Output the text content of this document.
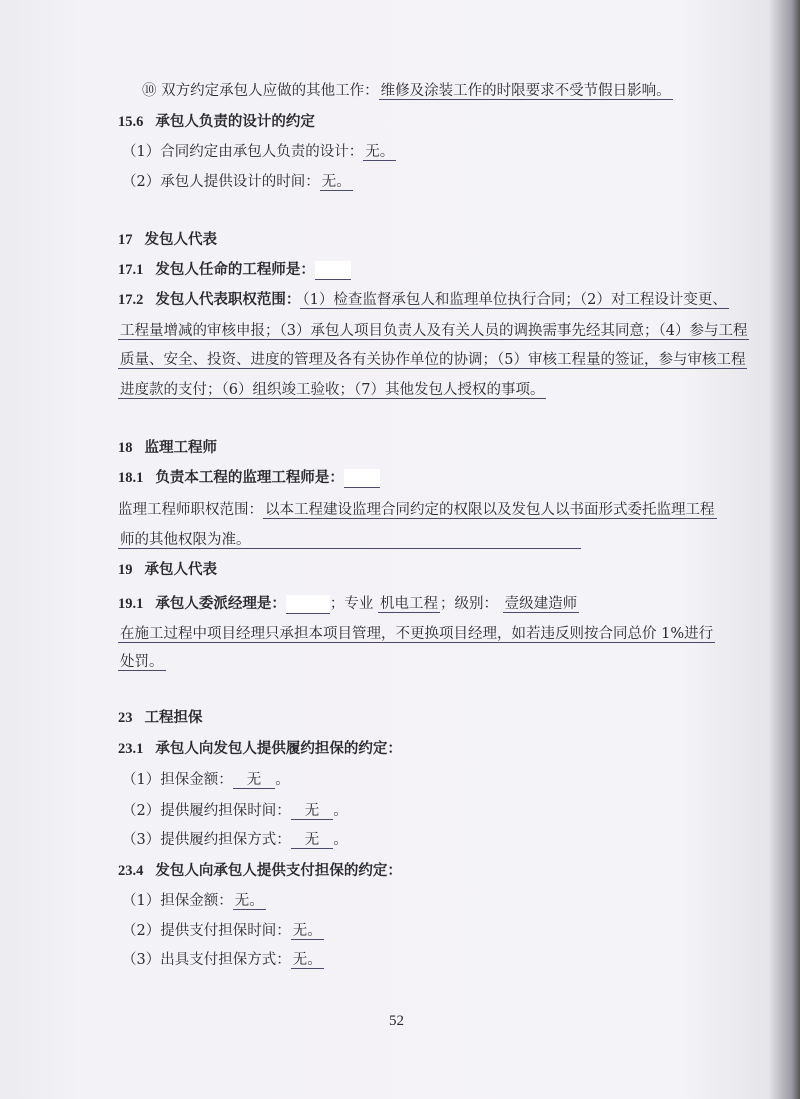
⑩ 双方约定承包人应做的其他工作： 维修及涂装工作的时限要求不受节假日影响。
15.6 承包人负责的设计的约定
（1）合同约定由承包人负责的设计： 无。
（2）承包人提供设计的时间： 无。
17 发包人代表
17.1 发包人任命的工程师是：
17.2 发包人代表职权范围： （1）检查监督承包人和监理单位执行合同；（2）对工程设计变更、
工程量增减的审核申报；（3）承包人项目负责人及有关人员的调换需事先经其同意；（4）参与工程
质量、安全、投资、进度的管理及各有关协作单位的协调；（5）审核工程量的签证，参与审核工程
进度款的支付；（6）组织竣工验收；（7）其他发包人授权的事项。
18 监理工程师
18.1 负责本工程的监理工程师是：
监理工程师职权范围： 以本工程建设监理合同约定的权限以及发包人以书面形式委托监理工程
师的其他权限为准。
19 承包人代表
19.1 承包人委派经理是：	；专业 机电工程 ；级别： 壹级建造师
在施工过程中项目经理只承担本项目管理，不更换项目经理，如若违反则按合同总价 1%进行
处罚。
23 工程担保
23.1 承包人向发包人提供履约担保的约定：
（1）担保金额： 无 。
（2）提供履约担保时间： 无 。
（3）提供履约担保方式： 无 。
23.4 发包人向承包人提供支付担保的约定：
（1）担保金额： 无。
（2）提供支付担保时间： 无。
（3）出具支付担保方式： 无。
52
